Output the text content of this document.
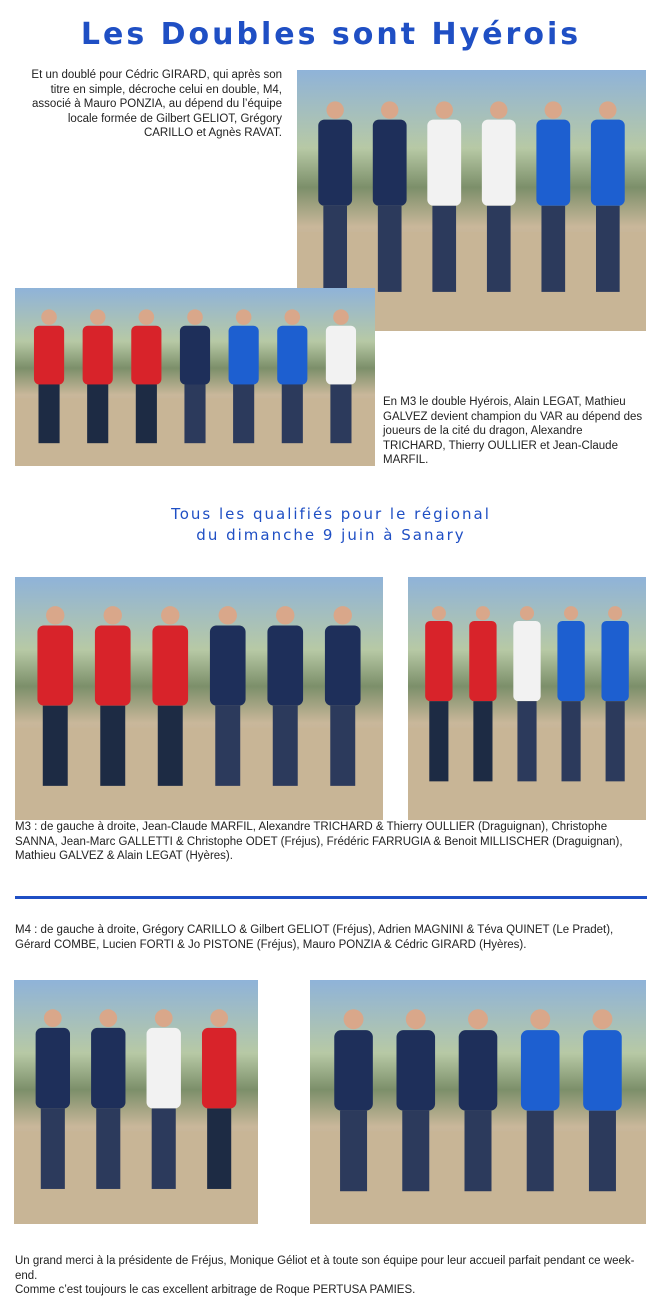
Les Doubles sont Hyérois
Et un doublé pour Cédric GIRARD, qui après son titre en simple, décroche celui en double, M4, associé à Mauro PONZIA, au dépend du l’équipe locale formée de Gilbert GELIOT, Grégory CARILLO et Agnès RAVAT.
En M3 le double Hyérois, Alain LEGAT, Mathieu GALVEZ devient champion du VAR au dépend des joueurs de la cité du dragon, Alexandre TRICHARD, Thierry OULLIER et Jean-Claude MARFIL.
Tous les qualifiés pour le régional
du dimanche 9 juin à Sanary
M3 : de gauche à droite, Jean-Claude MARFIL, Alexandre TRICHARD & Thierry OULLIER (Draguignan), Christophe SANNA, Jean-Marc GALLETTI & Christophe ODET (Fréjus), Frédéric FARRUGIA & Benoit MILLISCHER (Draguignan), Mathieu GALVEZ & Alain LEGAT (Hyères).
M4 : de gauche à droite, Grégory CARILLO & Gilbert GELIOT (Fréjus), Adrien MAGNINI & Téva QUINET (Le Pradet), Gérard COMBE, Lucien FORTI & Jo PISTONE (Fréjus), Mauro PONZIA & Cédric GIRARD (Hyères).
Un grand merci à la présidente de Fréjus, Monique Géliot et à toute son équipe pour leur accueil parfait pendant ce week-end.
Comme c’est toujours le cas excellent arbitrage de Roque PERTUSA PAMIES.
